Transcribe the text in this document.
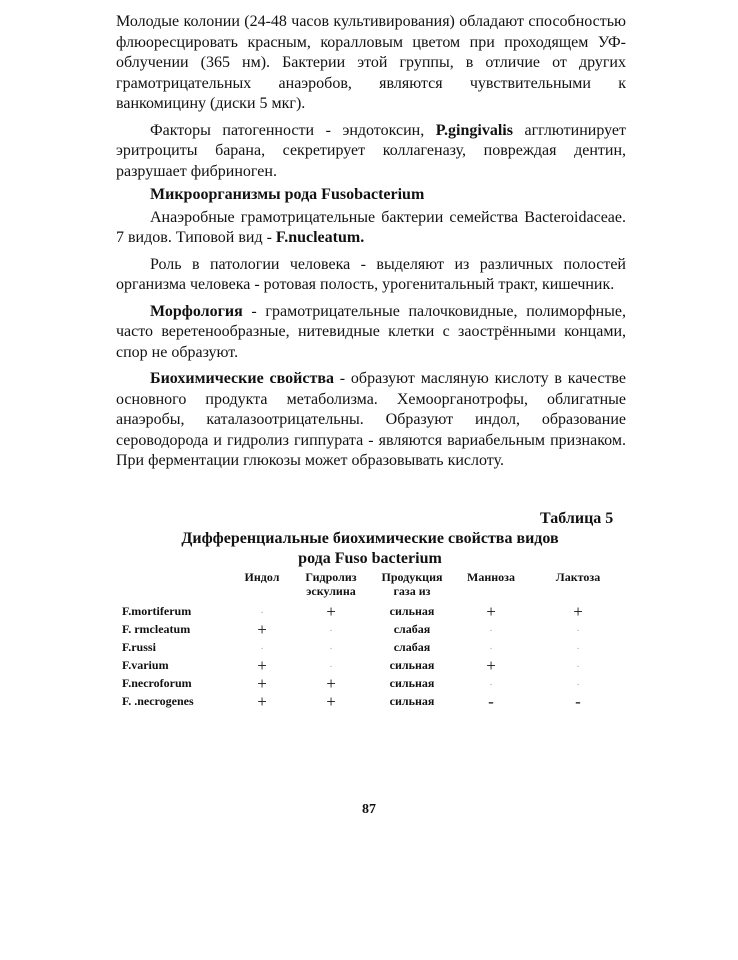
Молодые колонии (24-48 часов культивирования) обладают способностью флюоресцировать красным, коралловым цветом при проходящем УФ-облучении (365 нм). Бактерии этой группы, в отличие от других грамотрицательных анаэробов, являются чувствительными к ванкомицину (диски 5 мкг).

Факторы патогенности - эндотоксин, P.gingivalis агглютинирует эритроциты барана, секретирует коллагеназу, повреждая дентин, разрушает фибриноген.

Микроорганизмы рода Fusobacterium

Анаэробные грамотрицательные бактерии семейства Bacteroidaceae. 7 видов. Типовой вид - F.nucleatum.

Роль в патологии человека - выделяют из различных полостей организма человека - ротовая полость, урогенитальный тракт, кишечник.

Морфология - грамотрицательные палочковидные, полиморфные, часто веретенообразные, нитевидные клетки с заострёнными концами, спор не образуют.

Биохимические свойства - образуют масляную кислоту в качестве основного продукта метаболизма. Хемоорганотрофы, облигатные анаэробы, каталазоотрицательны. Образуют индол, образование сероводорода и гидролиз гиппурата - являются вариабельным признаком. При ферментации глюкозы может образовывать кислоту.

Таблица 5
Дифференциальные биохимические свойства видов
рода Fuso bacterium
	Индол	Гидролиз эскулина	Продукция газа из	Манноза	Лактоза

F.mortiferum	·	+	сильная	+	+
F. rmcleatum	+	·	слабая	·	·
F.russi	·	·	слабая	·	·
F.varium	+	·	сильная	+	·
F.necroforum	+	+	сильная	·	·
F. .necrogenes	+	+	сильная	-	-
87
